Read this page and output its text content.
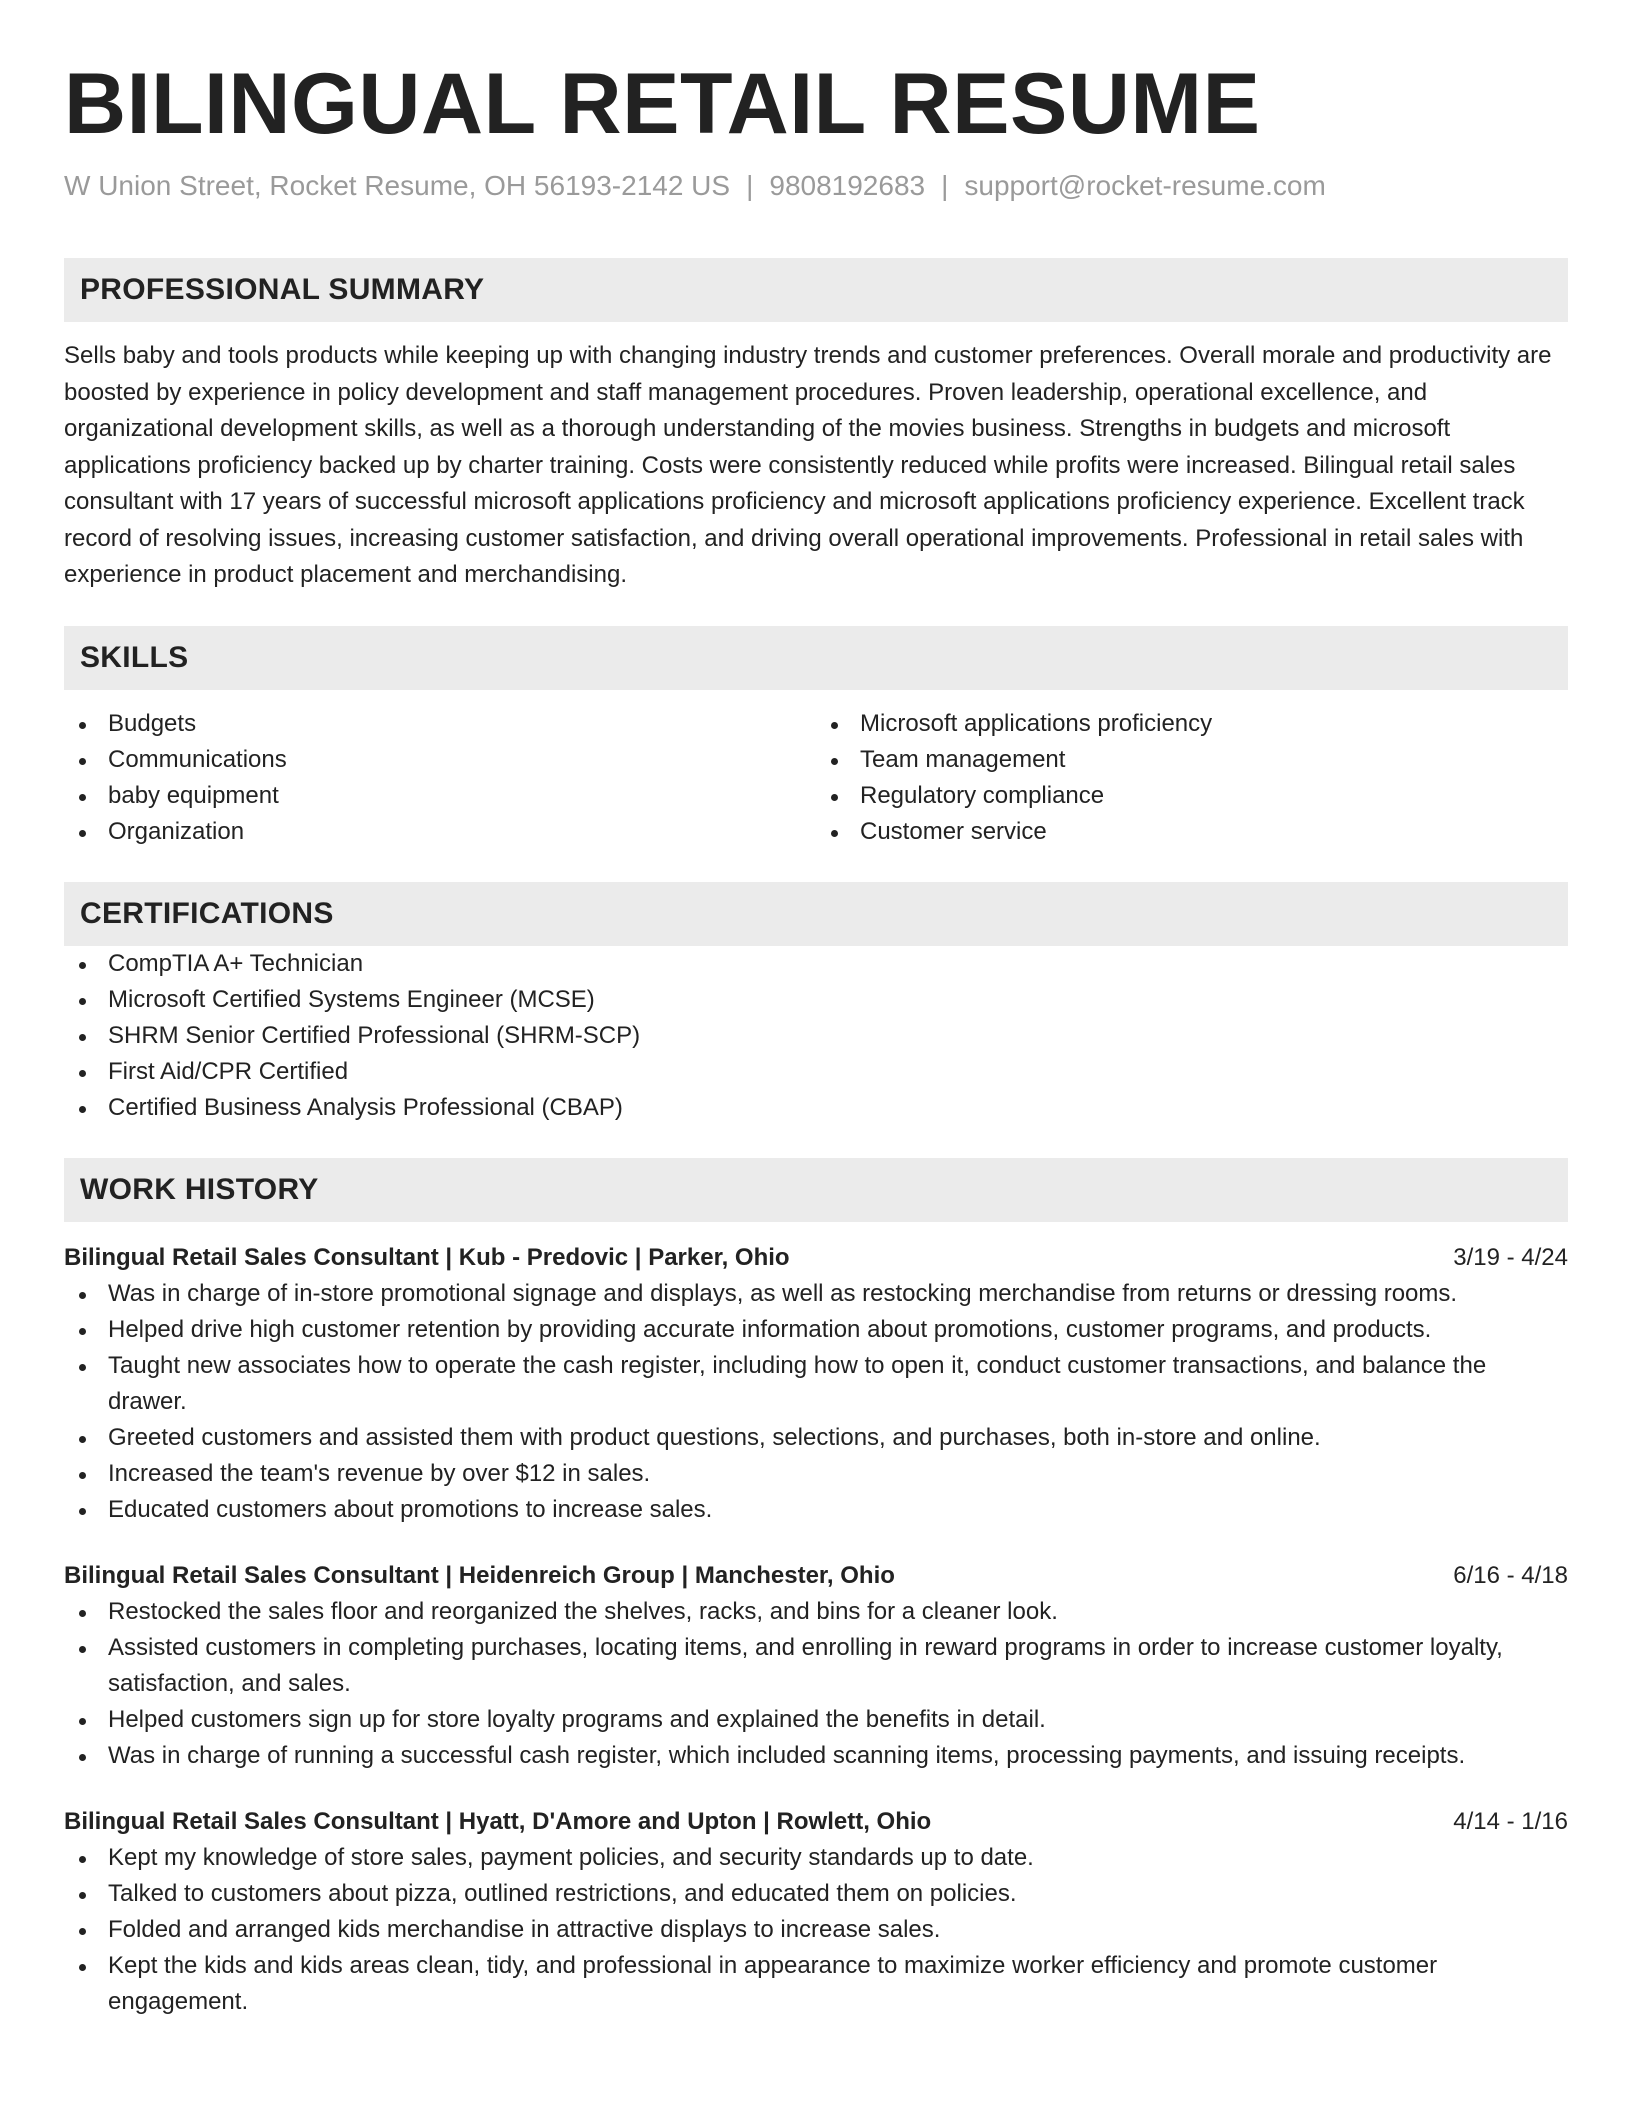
BILINGUAL RETAIL RESUME
W Union Street, Rocket Resume, OH 56193-2142 US | 9808192683 | support@rocket-resume.com
PROFESSIONAL SUMMARY
Sells baby and tools products while keeping up with changing industry trends and customer preferences. Overall morale and productivity are boosted by experience in policy development and staff management procedures. Proven leadership, operational excellence, and organizational development skills, as well as a thorough understanding of the movies business. Strengths in budgets and microsoft applications proficiency backed up by charter training. Costs were consistently reduced while profits were increased. Bilingual retail sales consultant with 17 years of successful microsoft applications proficiency and microsoft applications proficiency experience. Excellent track record of resolving issues, increasing customer satisfaction, and driving overall operational improvements. Professional in retail sales with experience in product placement and merchandising.
SKILLS
Budgets
Communications
baby equipment
Organization
Microsoft applications proficiency
Team management
Regulatory compliance
Customer service
CERTIFICATIONS
CompTIA A+ Technician
Microsoft Certified Systems Engineer (MCSE)
SHRM Senior Certified Professional (SHRM-SCP)
First Aid/CPR Certified
Certified Business Analysis Professional (CBAP)
WORK HISTORY
Bilingual Retail Sales Consultant | Kub - Predovic | Parker, Ohio	3/19 - 4/24
Was in charge of in-store promotional signage and displays, as well as restocking merchandise from returns or dressing rooms.
Helped drive high customer retention by providing accurate information about promotions, customer programs, and products.
Taught new associates how to operate the cash register, including how to open it, conduct customer transactions, and balance the drawer.
Greeted customers and assisted them with product questions, selections, and purchases, both in-store and online.
Increased the team's revenue by over $12 in sales.
Educated customers about promotions to increase sales.
Bilingual Retail Sales Consultant | Heidenreich Group | Manchester, Ohio	6/16 - 4/18
Restocked the sales floor and reorganized the shelves, racks, and bins for a cleaner look.
Assisted customers in completing purchases, locating items, and enrolling in reward programs in order to increase customer loyalty, satisfaction, and sales.
Helped customers sign up for store loyalty programs and explained the benefits in detail.
Was in charge of running a successful cash register, which included scanning items, processing payments, and issuing receipts.
Bilingual Retail Sales Consultant | Hyatt, D'Amore and Upton | Rowlett, Ohio	4/14 - 1/16
Kept my knowledge of store sales, payment policies, and security standards up to date.
Talked to customers about pizza, outlined restrictions, and educated them on policies.
Folded and arranged kids merchandise in attractive displays to increase sales.
Kept the kids and kids areas clean, tidy, and professional in appearance to maximize worker efficiency and promote customer engagement.
